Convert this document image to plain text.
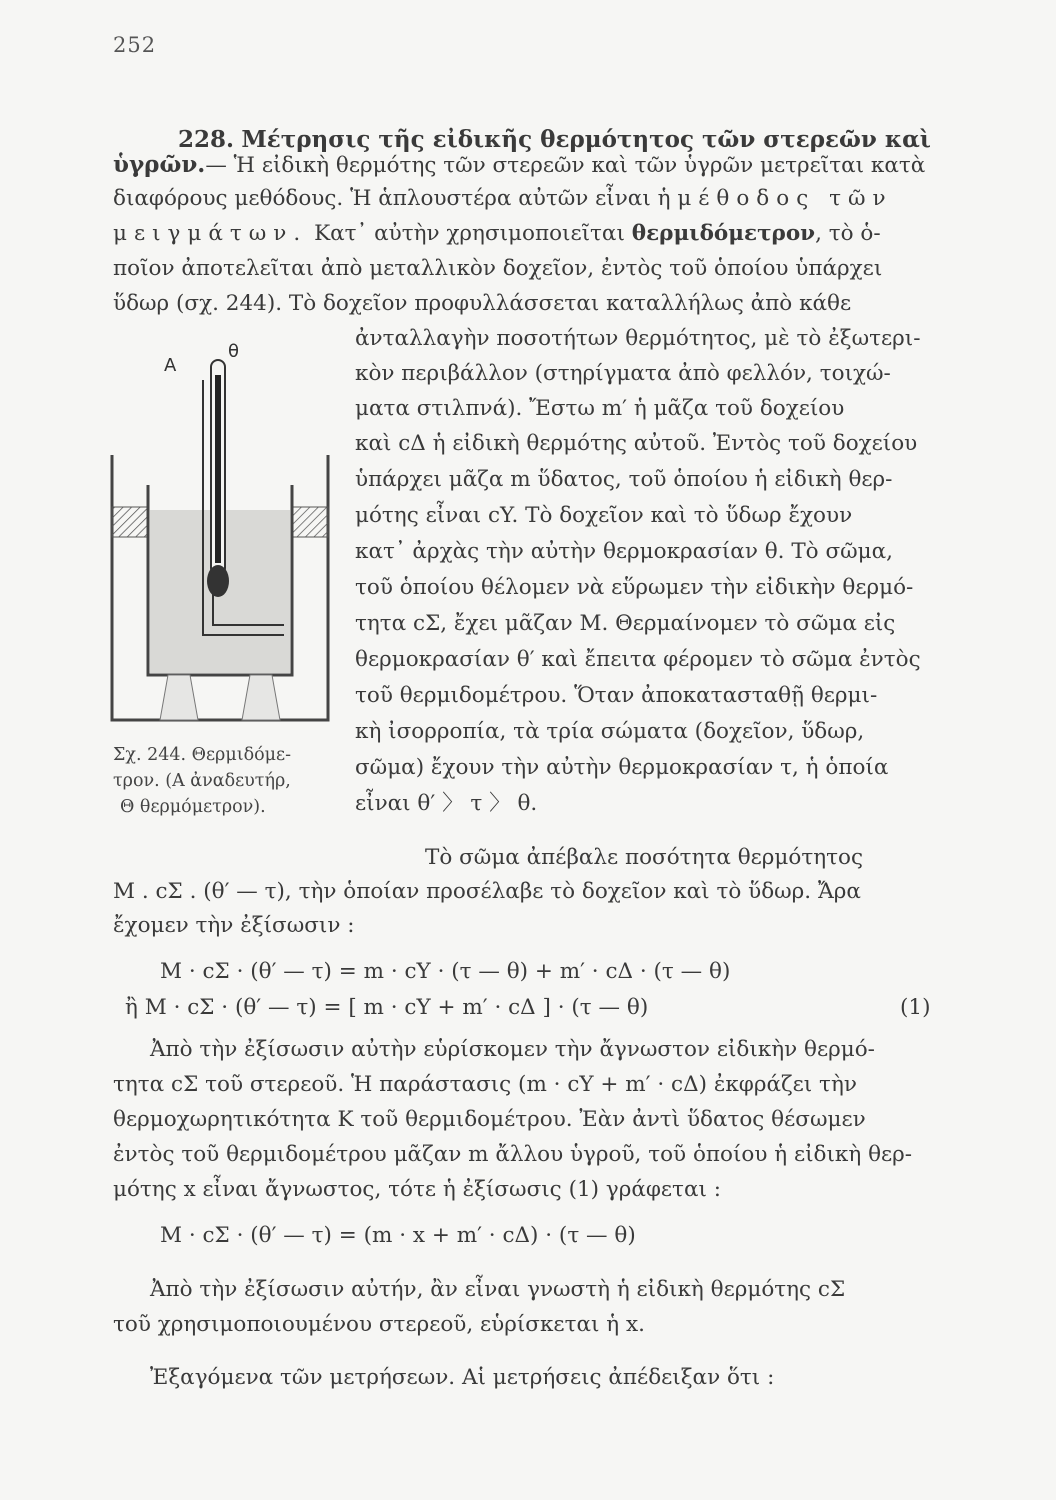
252
228. Μέτρησις τῆς εἰδικῆς θερμότητος τῶν στερεῶν καὶ
ὑγρῶν.— Ἡ εἰδικὴ θερμότης τῶν στερεῶν καὶ τῶν ὑγρῶν μετρεῖται κατὰ
διαφόρους μεθόδους. Ἡ ἁπλουστέρα αὐτῶν εἶναι ἡ μέθοδος τῶν
μειγμάτων. Κατ᾽ αὐτὴν χρησιμοποιεῖται θερμιδόμετρον, τὸ ὁ-
ποῖον ἀποτελεῖται ἀπὸ μεταλλικὸν δοχεῖον, ἐντὸς τοῦ ὁποίου ὑπάρχει
ὕδωρ (σχ. 244). Τὸ δοχεῖον προφυλλάσσεται καταλλήλως ἀπὸ κάθε
ἀνταλλαγὴν ποσοτήτων θερμότητος, μὲ τὸ ἐξωτερι-
κὸν περιβάλλον (στηρίγματα ἀπὸ φελλόν, τοιχώ-
ματα στιλπνά). Ἔστω m′ ἡ μᾶζα τοῦ δοχείου
καὶ cΔ ἡ εἰδικὴ θερμότης αὐτοῦ. Ἐντὸς τοῦ δοχείου
ὑπάρχει μᾶζα m ὕδατος, τοῦ ὁποίου ἡ εἰδικὴ θερ-
μότης εἶναι cY. Τὸ δοχεῖον καὶ τὸ ὕδωρ ἔχουν
κατ᾽ ἀρχὰς τὴν αὐτὴν θερμοκρασίαν θ. Τὸ σῶμα,
τοῦ ὁποίου θέλομεν νὰ εὕρωμεν τὴν εἰδικὴν θερμό-
τητα cΣ, ἔχει μᾶζαν M. Θερμαίνομεν τὸ σῶμα εἰς
θερμοκρασίαν θ′ καὶ ἔπειτα φέρομεν τὸ σῶμα ἐντὸς
τοῦ θερμιδομέτρου. Ὅταν ἀποκατασταθῇ θερμι-
κὴ ἰσορροπία, τὰ τρία σώματα (δοχεῖον, ὕδωρ,
σῶμα) ἔχουν τὴν αὐτὴν θερμοκρασίαν τ, ἡ ὁποία
εἶναι θ′ 〉 τ 〉 θ.
A
θ
Σχ. 244. Θερμιδόμε-
τρον. (Α ἀναδευτήρ,
Θ θερμόμετρον).
Τὸ σῶμα ἀπέβαλε ποσότητα θερμότητος
M . cΣ . (θ′ — τ), τὴν ὁποίαν προσέλαβε τὸ δοχεῖον καὶ τὸ ὕδωρ. Ἄρα
ἔχομεν τὴν ἐξίσωσιν :
M · cΣ · (θ′ — τ) = m · cY · (τ — θ) + m′ · cΔ · (τ — θ)
ἢ M · cΣ · (θ′ — τ) = [ m · cY + m′ · cΔ ] · (τ — θ)	(1)
Ἀπὸ τὴν ἐξίσωσιν αὐτὴν εὑρίσκομεν τὴν ἄγνωστον εἰδικὴν θερμό-
τητα cΣ τοῦ στερεοῦ. Ἡ παράστασις (m · cY + m′ · cΔ) ἐκφράζει τὴν
θερμοχωρητικότητα K τοῦ θερμιδομέτρου. Ἐὰν ἀντὶ ὕδατος θέσωμεν
ἐντὸς τοῦ θερμιδομέτρου μᾶζαν m ἄλλου ὑγροῦ, τοῦ ὁποίου ἡ εἰδικὴ θερ-
μότης x εἶναι ἄγνωστος, τότε ἡ ἐξίσωσις (1) γράφεται :
M · cΣ · (θ′ — τ) = (m · x + m′ · cΔ) · (τ — θ)
Ἀπὸ τὴν ἐξίσωσιν αὐτήν, ἂν εἶναι γνωστὴ ἡ εἰδικὴ θερμότης cΣ
τοῦ χρησιμοποιουμένου στερεοῦ, εὑρίσκεται ἡ x.
Ἐξαγόμενα τῶν μετρήσεων. Αἱ μετρήσεις ἀπέδειξαν ὅτι :
